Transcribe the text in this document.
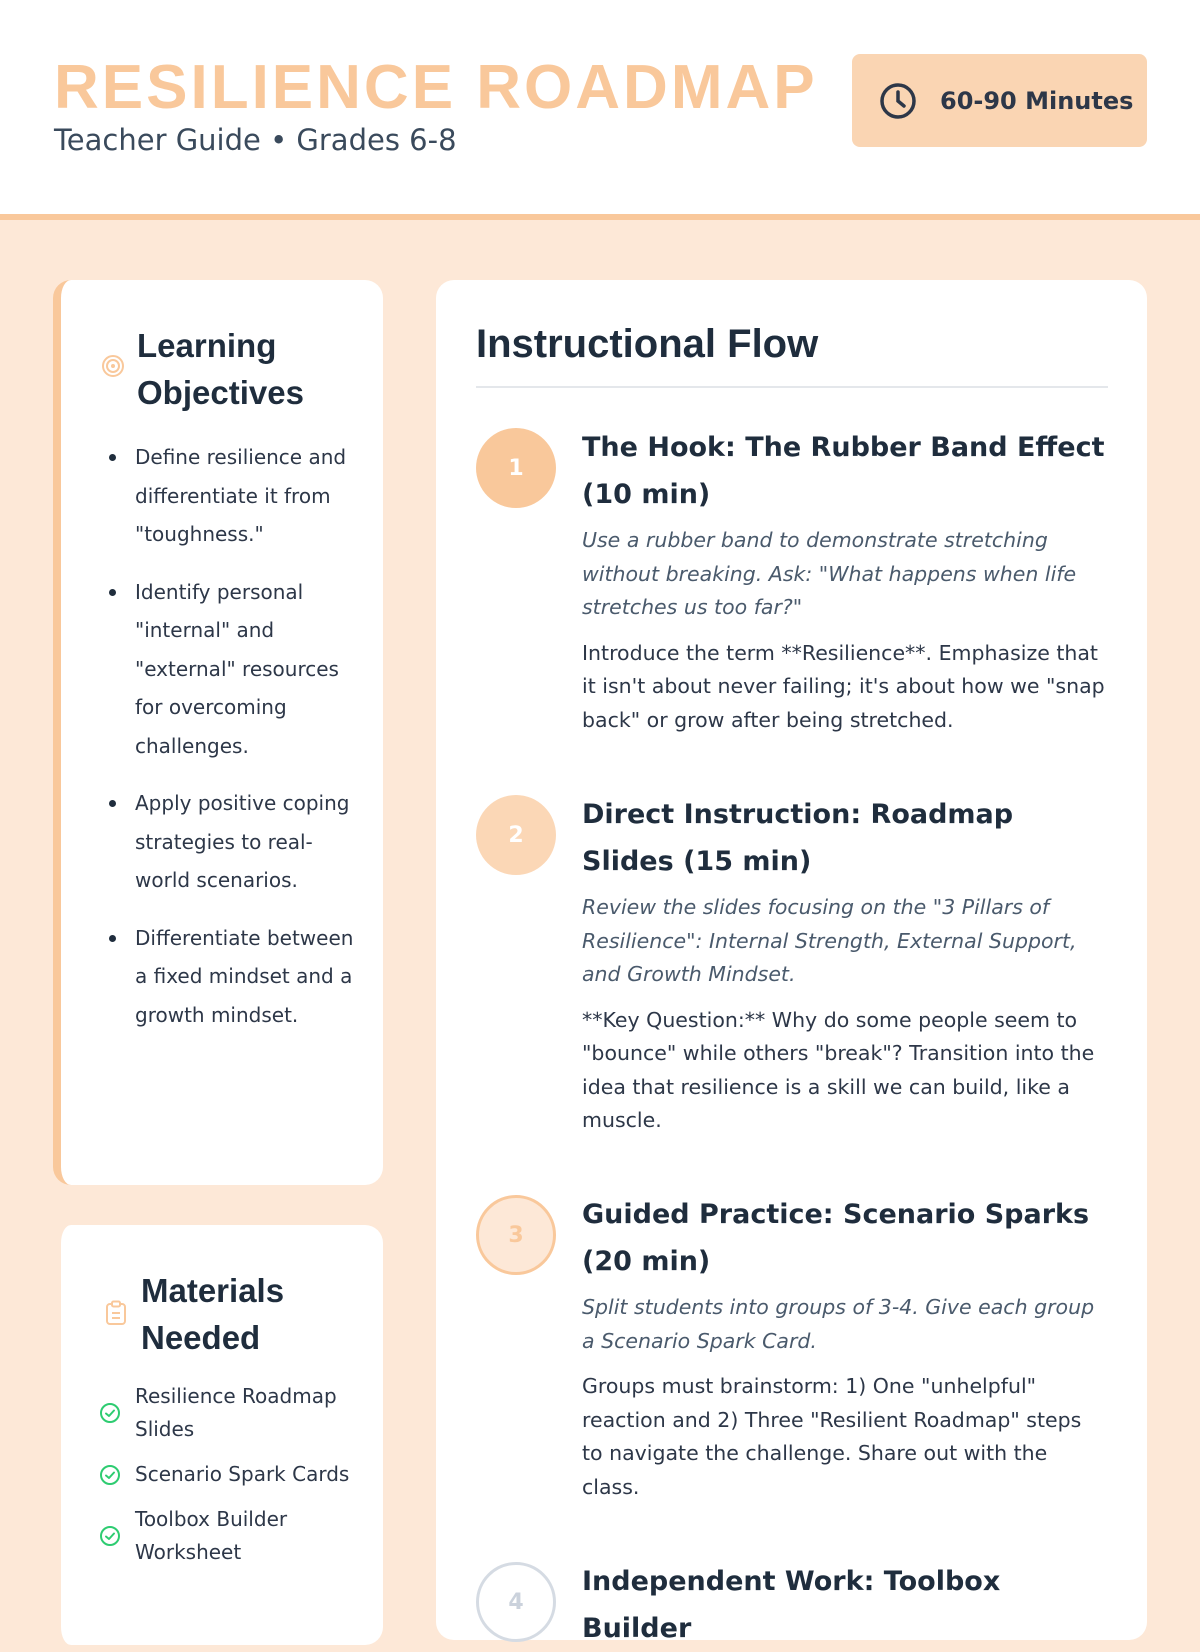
RESILIENCE ROADMAP
Teacher Guide • Grades 6-8
60-90 Minutes
Learning Objectives
Define resilience and differentiate it from "toughness."
Identify personal "internal" and "external" resources for overcoming challenges.
Apply positive coping strategies to real-world scenarios.
Differentiate between a fixed mindset and a growth mindset.
Materials Needed
Resilience Roadmap Slides
Scenario Spark Cards
Toolbox Builder Worksheet
Instructional Flow
1
The Hook: The Rubber Band Effect (10 min)
Use a rubber band to demonstrate stretching without breaking. Ask: "What happens when life stretches us too far?"
Introduce the term **Resilience**. Emphasize that it isn't about never failing; it's about how we "snap back" or grow after being stretched.
2
Direct Instruction: Roadmap Slides (15 min)
Review the slides focusing on the "3 Pillars of Resilience": Internal Strength, External Support, and Growth Mindset.
**Key Question:** Why do some people seem to "bounce" while others "break"? Transition into the idea that resilience is a skill we can build, like a muscle.
3
Guided Practice: Scenario Sparks (20 min)
Split students into groups of 3-4. Give each group a Scenario Spark Card.
Groups must brainstorm: 1) One "unhelpful" reaction and 2) Three "Resilient Roadmap" steps to navigate the challenge. Share out with the class.
4
Independent Work: Toolbox Builder
